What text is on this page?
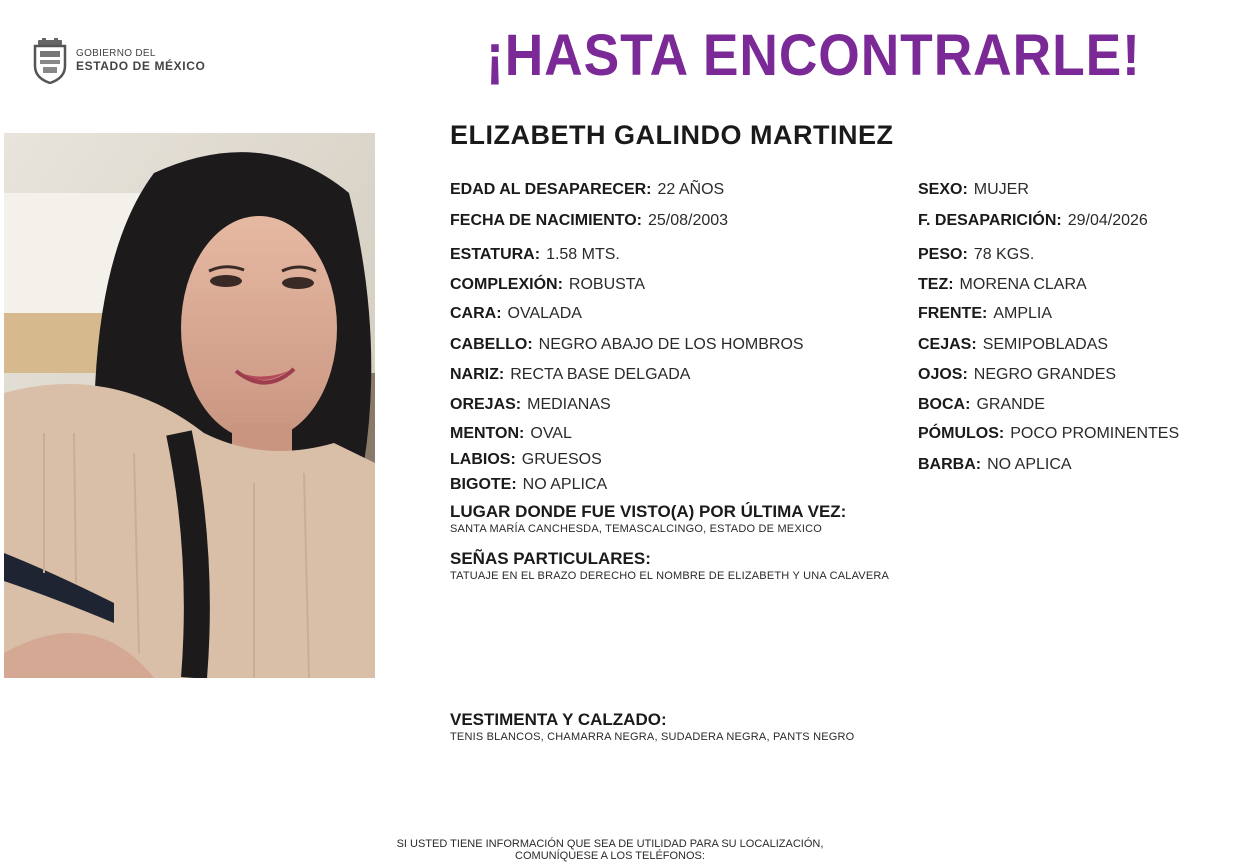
GOBIERNO DEL
ESTADO DE MÉXICO	¡HASTA ENCONTRARLE!
ELIZABETH GALINDO MARTINEZ
EDAD AL DESAPARECER: 22 AÑOS
FECHA DE NACIMIENTO: 25/08/2003
ESTATURA: 1.58 MTS.
COMPLEXIÓN: ROBUSTA
CARA: OVALADA
CABELLO: NEGRO ABAJO DE LOS HOMBROS
NARIZ: RECTA BASE DELGADA
OREJAS: MEDIANAS
MENTON: OVAL
LABIOS: GRUESOS
BIGOTE: NO APLICA
SEXO: MUJER
F. DESAPARICIÓN: 29/04/2026
PESO: 78 KGS.
TEZ: MORENA CLARA
FRENTE: AMPLIA
CEJAS: SEMIPOBLADAS
OJOS: NEGRO GRANDES
BOCA: GRANDE
PÓMULOS: POCO PROMINENTES
BARBA: NO APLICA
LUGAR DONDE FUE VISTO(A) POR ÚLTIMA VEZ:
SANTA MARÍA CANCHESDA, TEMASCALCINGO, ESTADO DE MEXICO
SEÑAS PARTICULARES:
TATUAJE EN EL BRAZO DERECHO EL NOMBRE DE ELIZABETH Y UNA CALAVERA
VESTIMENTA Y CALZADO:
TENIS BLANCOS, CHAMARRA NEGRA, SUDADERA NEGRA, PANTS NEGRO
SI USTED TIENE INFORMACIÓN QUE SEA DE UTILIDAD PARA SU LOCALIZACIÓN,
COMUNÍQUESE A LOS TELÉFONOS:
